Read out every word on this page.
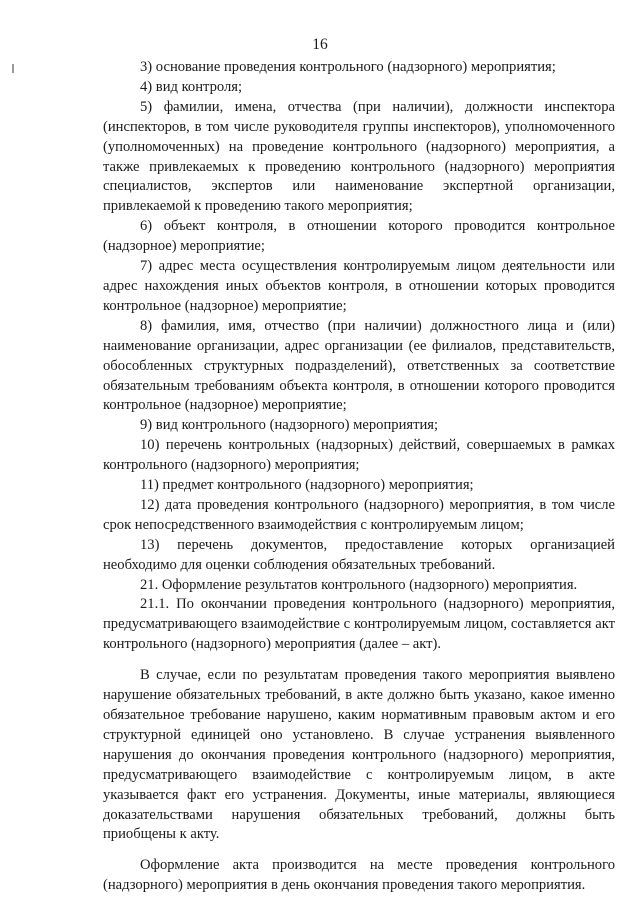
16

3) основание проведения контрольного (надзорного) мероприятия;

4) вид контроля;

5) фамилии, имена, отчества (при наличии), должности инспектора (инспекторов, в том числе руководителя группы инспекторов), уполномоченного (уполномоченных) на проведение контрольного (надзорного) мероприятия, а также привлекаемых к проведению контрольного (надзорного) мероприятия специалистов, экспертов или наименование экспертной организации, привлекаемой к проведению такого мероприятия;

6) объект контроля, в отношении которого проводится контрольное (надзорное) мероприятие;

7) адрес места осуществления контролируемым лицом деятельности или адрес нахождения иных объектов контроля, в отношении которых проводится контрольное (надзорное) мероприятие;

8) фамилия, имя, отчество (при наличии) должностного лица и (или) наименование организации, адрес организации (ее филиалов, представительств, обособленных структурных подразделений), ответственных за соответствие обязательным требованиям объекта контроля, в отношении которого проводится контрольное (надзорное) мероприятие;

9) вид контрольного (надзорного) мероприятия;

10) перечень контрольных (надзорных) действий, совершаемых в рамках контрольного (надзорного) мероприятия;

11) предмет контрольного (надзорного) мероприятия;

12) дата проведения контрольного (надзорного) мероприятия, в том числе срок непосредственного взаимодействия с контролируемым лицом;

13) перечень документов, предоставление которых организацией необходимо для оценки соблюдения обязательных требований.

21. Оформление результатов контрольного (надзорного) мероприятия.

21.1. По окончании проведения контрольного (надзорного) мероприятия, предусматривающего взаимодействие с контролируемым лицом, составляется акт контрольного (надзорного) мероприятия (далее – акт).

В случае, если по результатам проведения такого мероприятия выявлено нарушение обязательных требований, в акте должно быть указано, какое именно обязательное требование нарушено, каким нормативным правовым актом и его структурной единицей оно установлено. В случае устранения выявленного нарушения до окончания проведения контрольного (надзорного) мероприятия, предусматривающего взаимодействие с контролируемым лицом, в акте указывается факт его устранения. Документы, иные материалы, являющиеся доказательствами нарушения обязательных требований, должны быть приобщены к акту.

Оформление акта производится на месте проведения контрольного (надзорного) мероприятия в день окончания проведения такого мероприятия.
